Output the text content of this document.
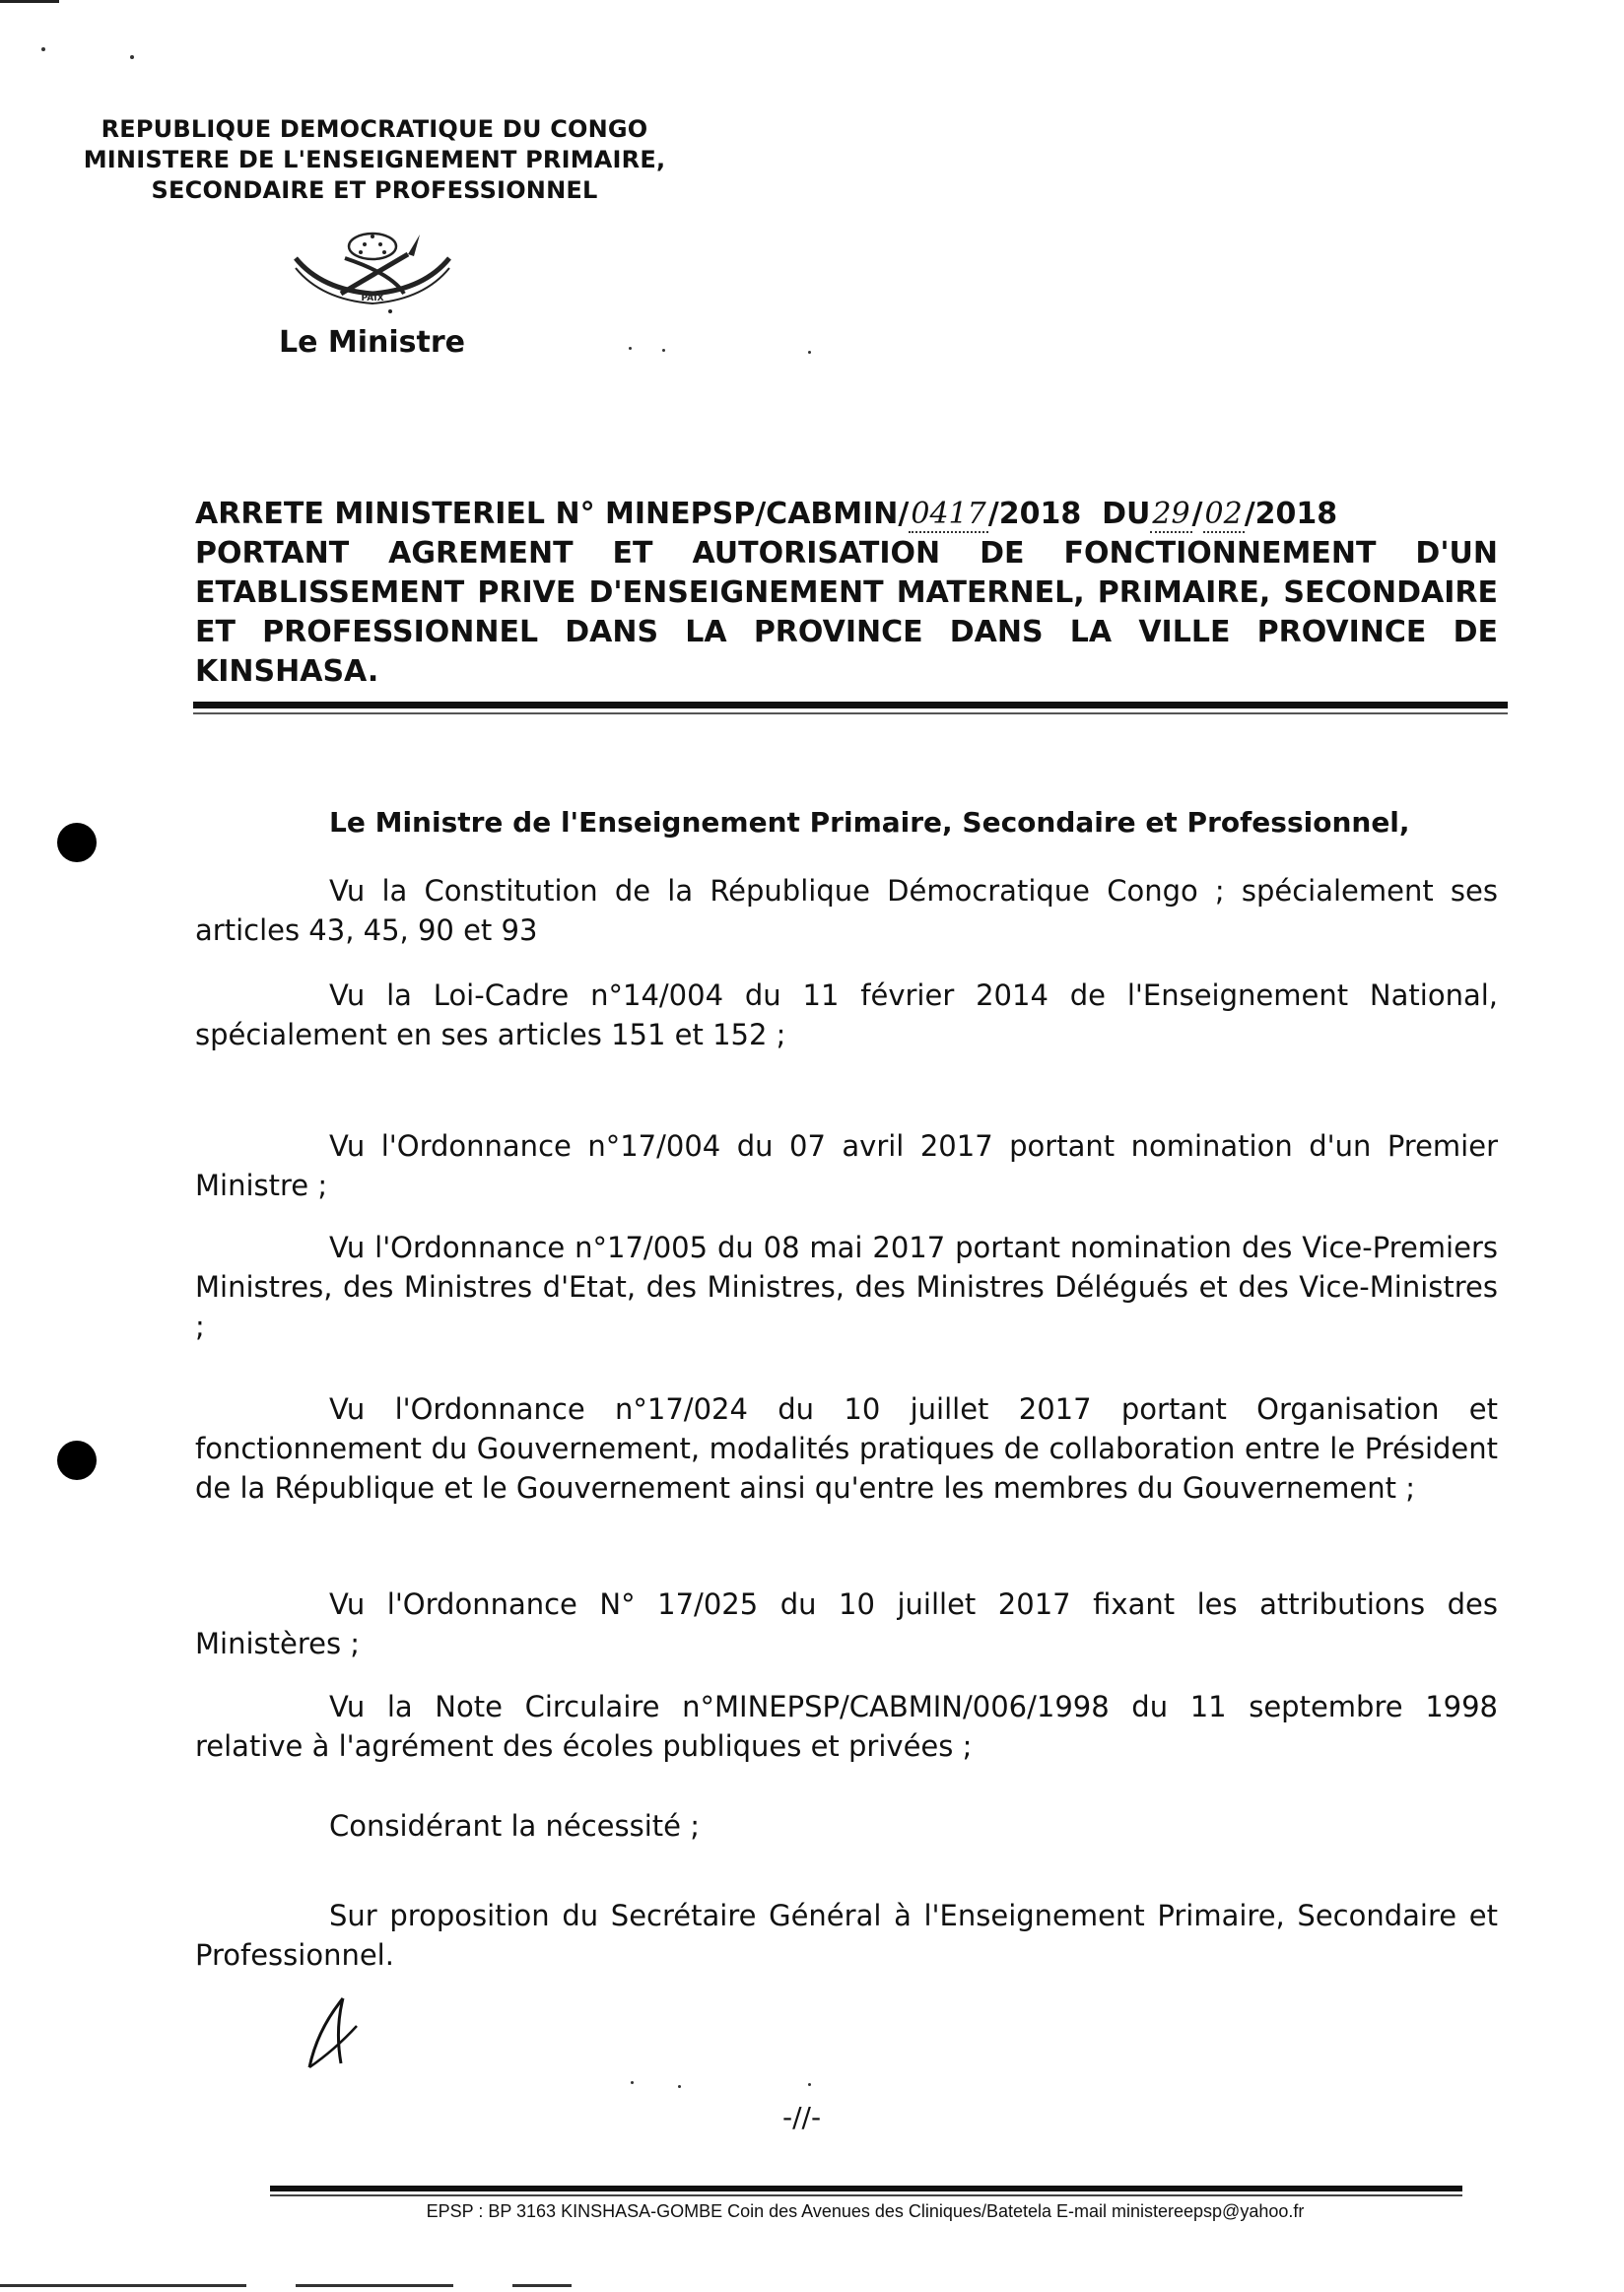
REPUBLIQUE DEMOCRATIQUE DU CONGO
MINISTERE DE L'ENSEIGNEMENT PRIMAIRE,
SECONDAIRE ET PROFESSIONNEL
PAIX
Le Ministre
ARRETE MINISTERIEL N° MINEPSP/CABMIN/0417/2018 DU29/02/2018
PORTANT AGREMENT ET AUTORISATION DE FONCTIONNEMENT D'UN ETABLISSEMENT PRIVE D'ENSEIGNEMENT MATERNEL, PRIMAIRE, SECONDAIRE ET PROFESSIONNEL DANS LA PROVINCE DANS LA VILLE PROVINCE DE KINSHASA.
Le Ministre de l'Enseignement Primaire, Secondaire et Professionnel,
Vu la Constitution de la République Démocratique Congo ; spécialement ses articles 43, 45, 90 et 93
Vu la Loi-Cadre n°14/004 du 11 février 2014 de l'Enseignement National, spécialement en ses articles 151 et 152 ;
Vu l'Ordonnance n°17/004 du 07 avril 2017 portant nomination d'un Premier Ministre ;
Vu l'Ordonnance n°17/005 du 08 mai 2017 portant nomination des Vice-Premiers Ministres, des Ministres d'Etat, des Ministres, des Ministres Délégués et des Vice-Ministres ;
Vu l'Ordonnance n°17/024 du 10 juillet 2017 portant Organisation et fonctionnement du Gouvernement, modalités pratiques de collaboration entre le Président de la République et le Gouvernement ainsi qu'entre les membres du Gouvernement ;
Vu l'Ordonnance N° 17/025 du 10 juillet 2017 fixant les attributions des Ministères ;
Vu la Note Circulaire n°MINEPSP/CABMIN/006/1998 du 11 septembre 1998 relative à l'agrément des écoles publiques et privées ;
Considérant la nécessité ;
Sur proposition du Secrétaire Général à l'Enseignement Primaire, Secondaire et Professionnel.
-//-
EPSP : BP 3163 KINSHASA-GOMBE Coin des Avenues des Cliniques/Batetela E-mail ministereepsp@yahoo.fr
